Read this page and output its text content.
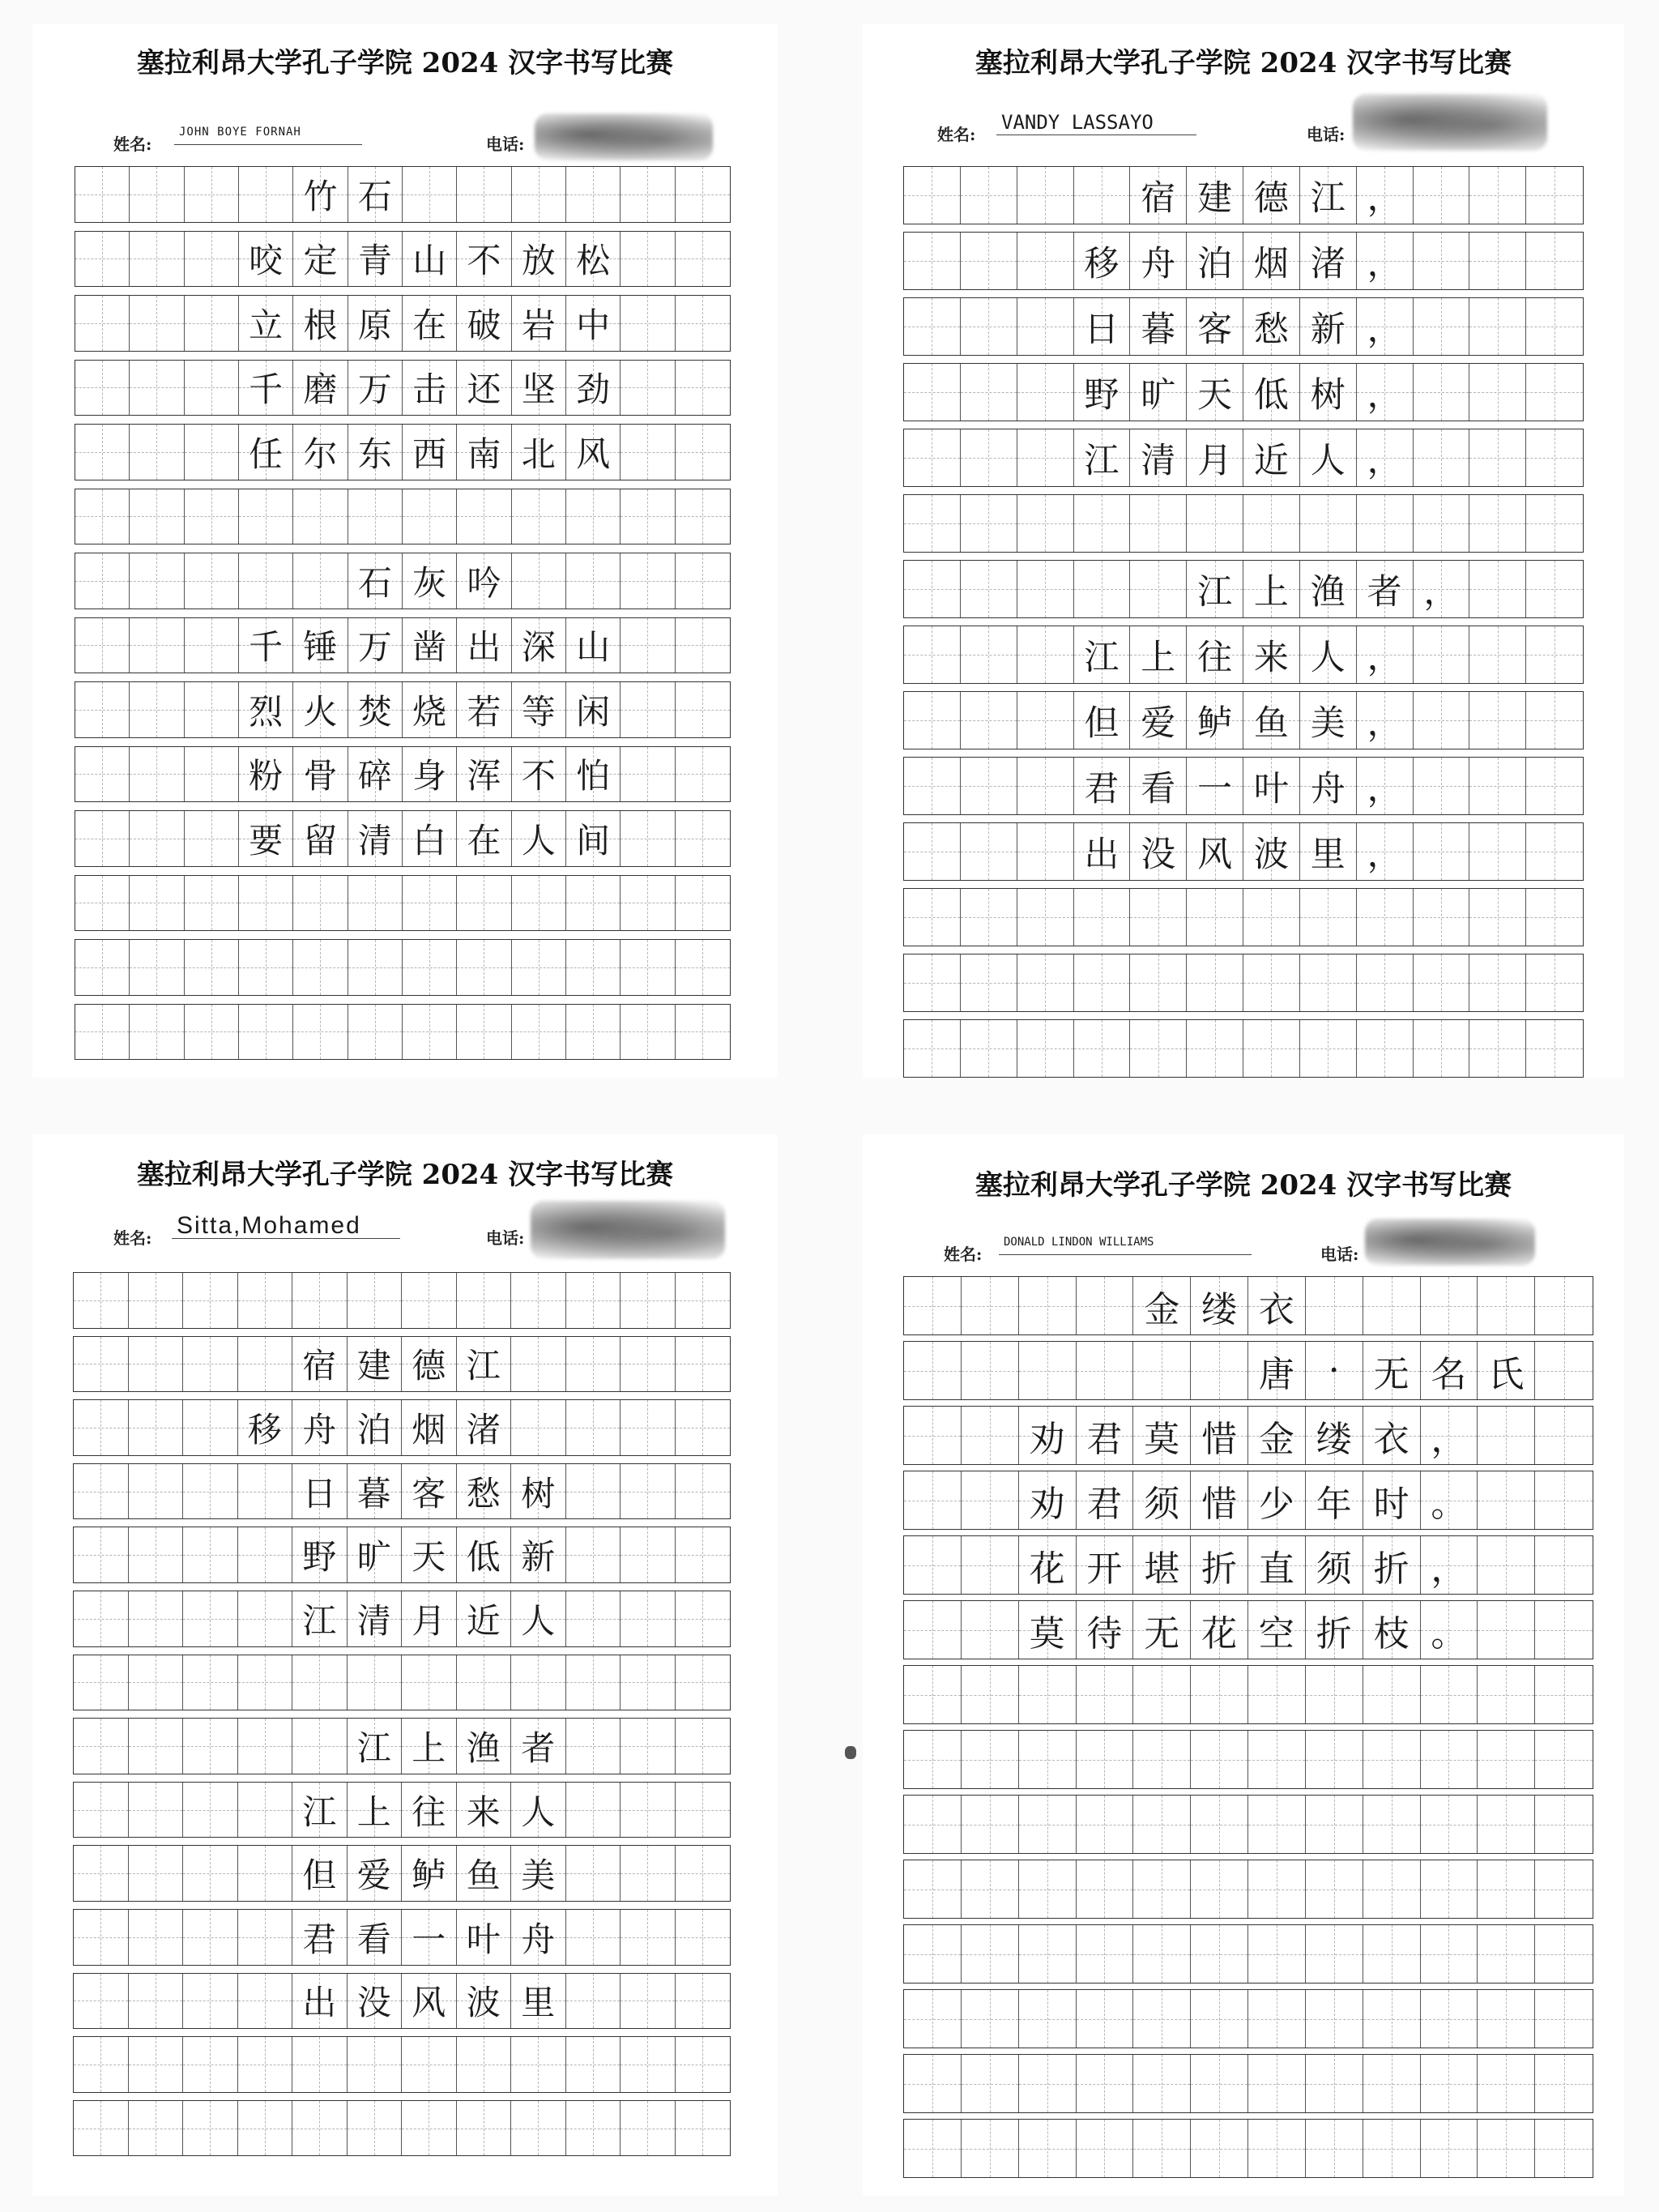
塞拉利昂大学孔子学院 2024 汉字书写比赛
姓名:
JOHN BOYE FORNAH
电话:
竹 石
咬 定 青 山 不 放 松
立 根 原 在 破 岩 中
千 磨 万 击 还 坚 劲
任 尔 东 西 南 北 风
石 灰 吟
千 锤 万 凿 出 深 山
烈 火 焚 烧 若 等 闲
粉 骨 碎 身 浑 不 怕
要 留 清 白 在 人 间
塞拉利昂大学孔子学院 2024 汉字书写比赛
姓名:
VANDY LASSAYO
电话:
宿 建 德 江 ，
移 舟 泊 烟 渚 ，
日 暮 客 愁 新 ，
野 旷 天 低 树 ，
江 清 月 近 人 ，
江 上 渔 者 ，
江 上 往 来 人 ，
但 爱 鲈 鱼 美 ，
君 看 一 叶 舟 ，
出 没 风 波 里 ，
塞拉利昂大学孔子学院 2024 汉字书写比赛
姓名: Sitta,Mohamed	电话:
宿 建 德 江
移 舟 泊 烟 渚
日 暮 客 愁 树
野 旷 天 低 新
江 清 月 近 人
江 上 渔 者
江 上 往 来 人
但 爱 鲈 鱼 美
君 看 一 叶 舟
出 没 风 波 里
塞拉利昂大学孔子学院 2024 汉字书写比赛
姓名:
DONALD LINDON WILLIAMS
电话:
金 缕 衣
唐 · 无 名 氏
劝 君 莫 惜 金 缕 衣 ，
劝 君 须 惜 少 年 时 。
花 开 堪 折 直 须 折 ，
莫 待 无 花 空 折 枝 。
